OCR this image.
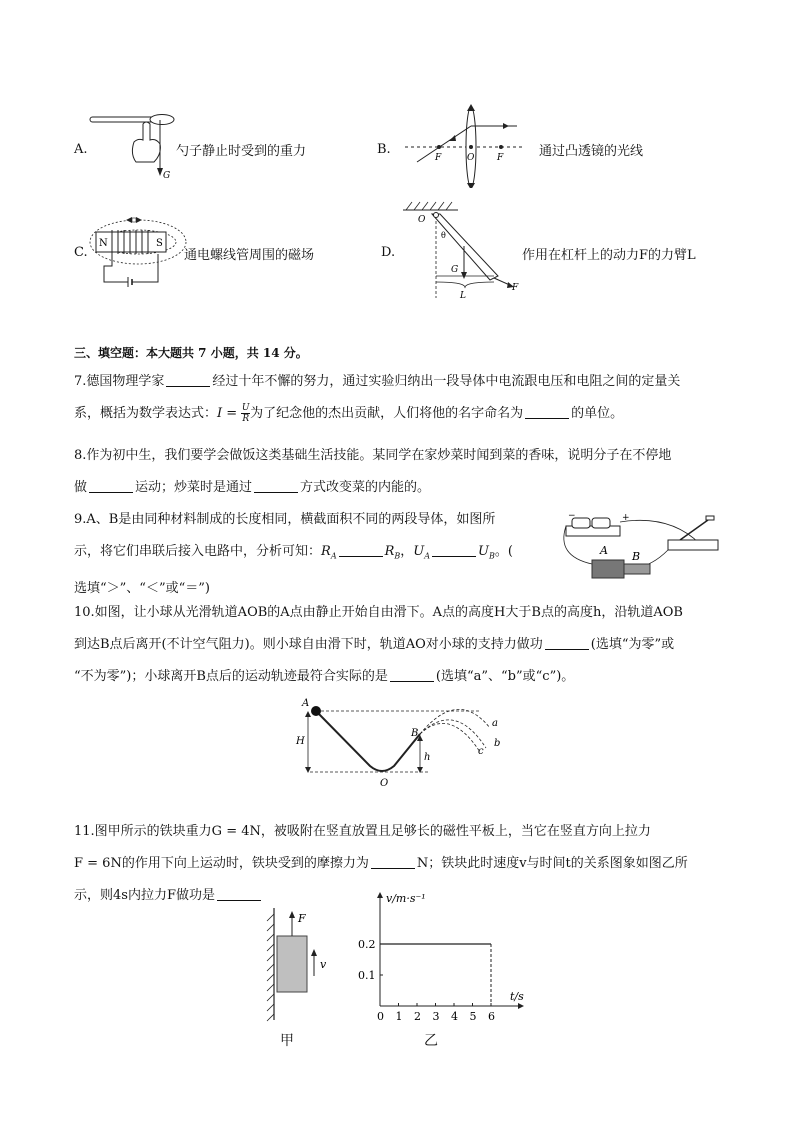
A.
G
勺子静止时受到的重力	B.
F	O	F	通过凸透镜的光线
C.
N	S
通电螺线管周围的磁场	D.
O
θ
G
F
L
作用在杠杆上的动力F的力臂L
三、填空题：本大题共 7 小题，共 14 分。
7.德国物理学家	经过十年不懈的努力，通过实验归纳出一段导体中电流跟电压和电阻之间的定量关
系，概括为数学表达式：$I = \frac{U}{R}$ 为了纪念他的杰出贡献，人们将他的名字命名为	的单位。
8.作为初中生，我们要学会做饭这类基础生活技能。某同学在家炒菜时闻到菜的香味，说明分子在不停地
做	运动；炒菜时是通过	方式改变菜的内能的。
9.A、B是由同种材料制成的长度相同，横截面积不同的两段导体，如图所
示，将它们串联后接入电路中，分析可知：$R_A$	$R_B$，$U_A$	$U_B$。(
选填“＞”、“＜”或“＝”)
−	+
A B
10.如图，让小球从光滑轨道AOB的A点由静止开始自由滑下。A点的高度H大于B点的高度h，沿轨道AOB
到达B点后离开(不计空气阻力)。则小球自由滑下时，轨道AO对小球的支持力做功	(选填“为零”或
“不为零”)；小球离开B点后的运动轨迹最符合实际的是	(选填“a”、“b”或“c”)。
H
h
A
B
O
a
b
c
11.图甲所示的铁块重力G = 4N，被吸附在竖直放置且足够长的磁性平板上，当它在竖直方向上拉力
F = 6N的作用下向上运动时，铁块受到的摩擦力为	N；铁块此时速度v与时间t的关系图象如图乙所
示，则4s内拉力F做功是
F
v
甲
v/m·s⁻¹
t/s
0 1 2 3 4 5 6
0.1
0.2
乙
